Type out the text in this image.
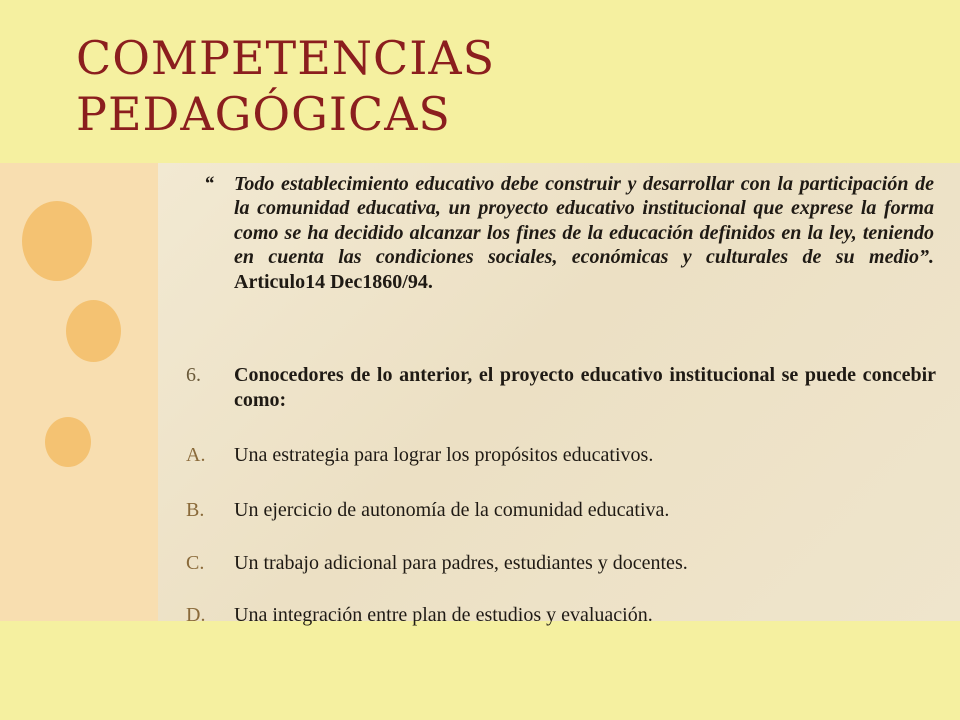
COMPETENCIAS
PEDAGÓGICAS

“ Todo establecimiento educativo debe construir y desarrollar con la participación de la comunidad educativa, un proyecto educativo institucional que exprese la forma como se ha decidido alcanzar los fines de la educación definidos en la ley, teniendo en cuenta las condiciones sociales, económicas y culturales de su medio”. Articulo14 Dec1860/94.

6.	Conocedores de lo anterior, el proyecto educativo institucional se puede concebir como:
A.	Una estrategia para lograr los propósitos educativos.
B.	Un ejercicio de autonomía de la comunidad educativa.
C.	Un trabajo adicional para padres, estudiantes y docentes.
D.	Una integración entre plan de estudios y evaluación.
